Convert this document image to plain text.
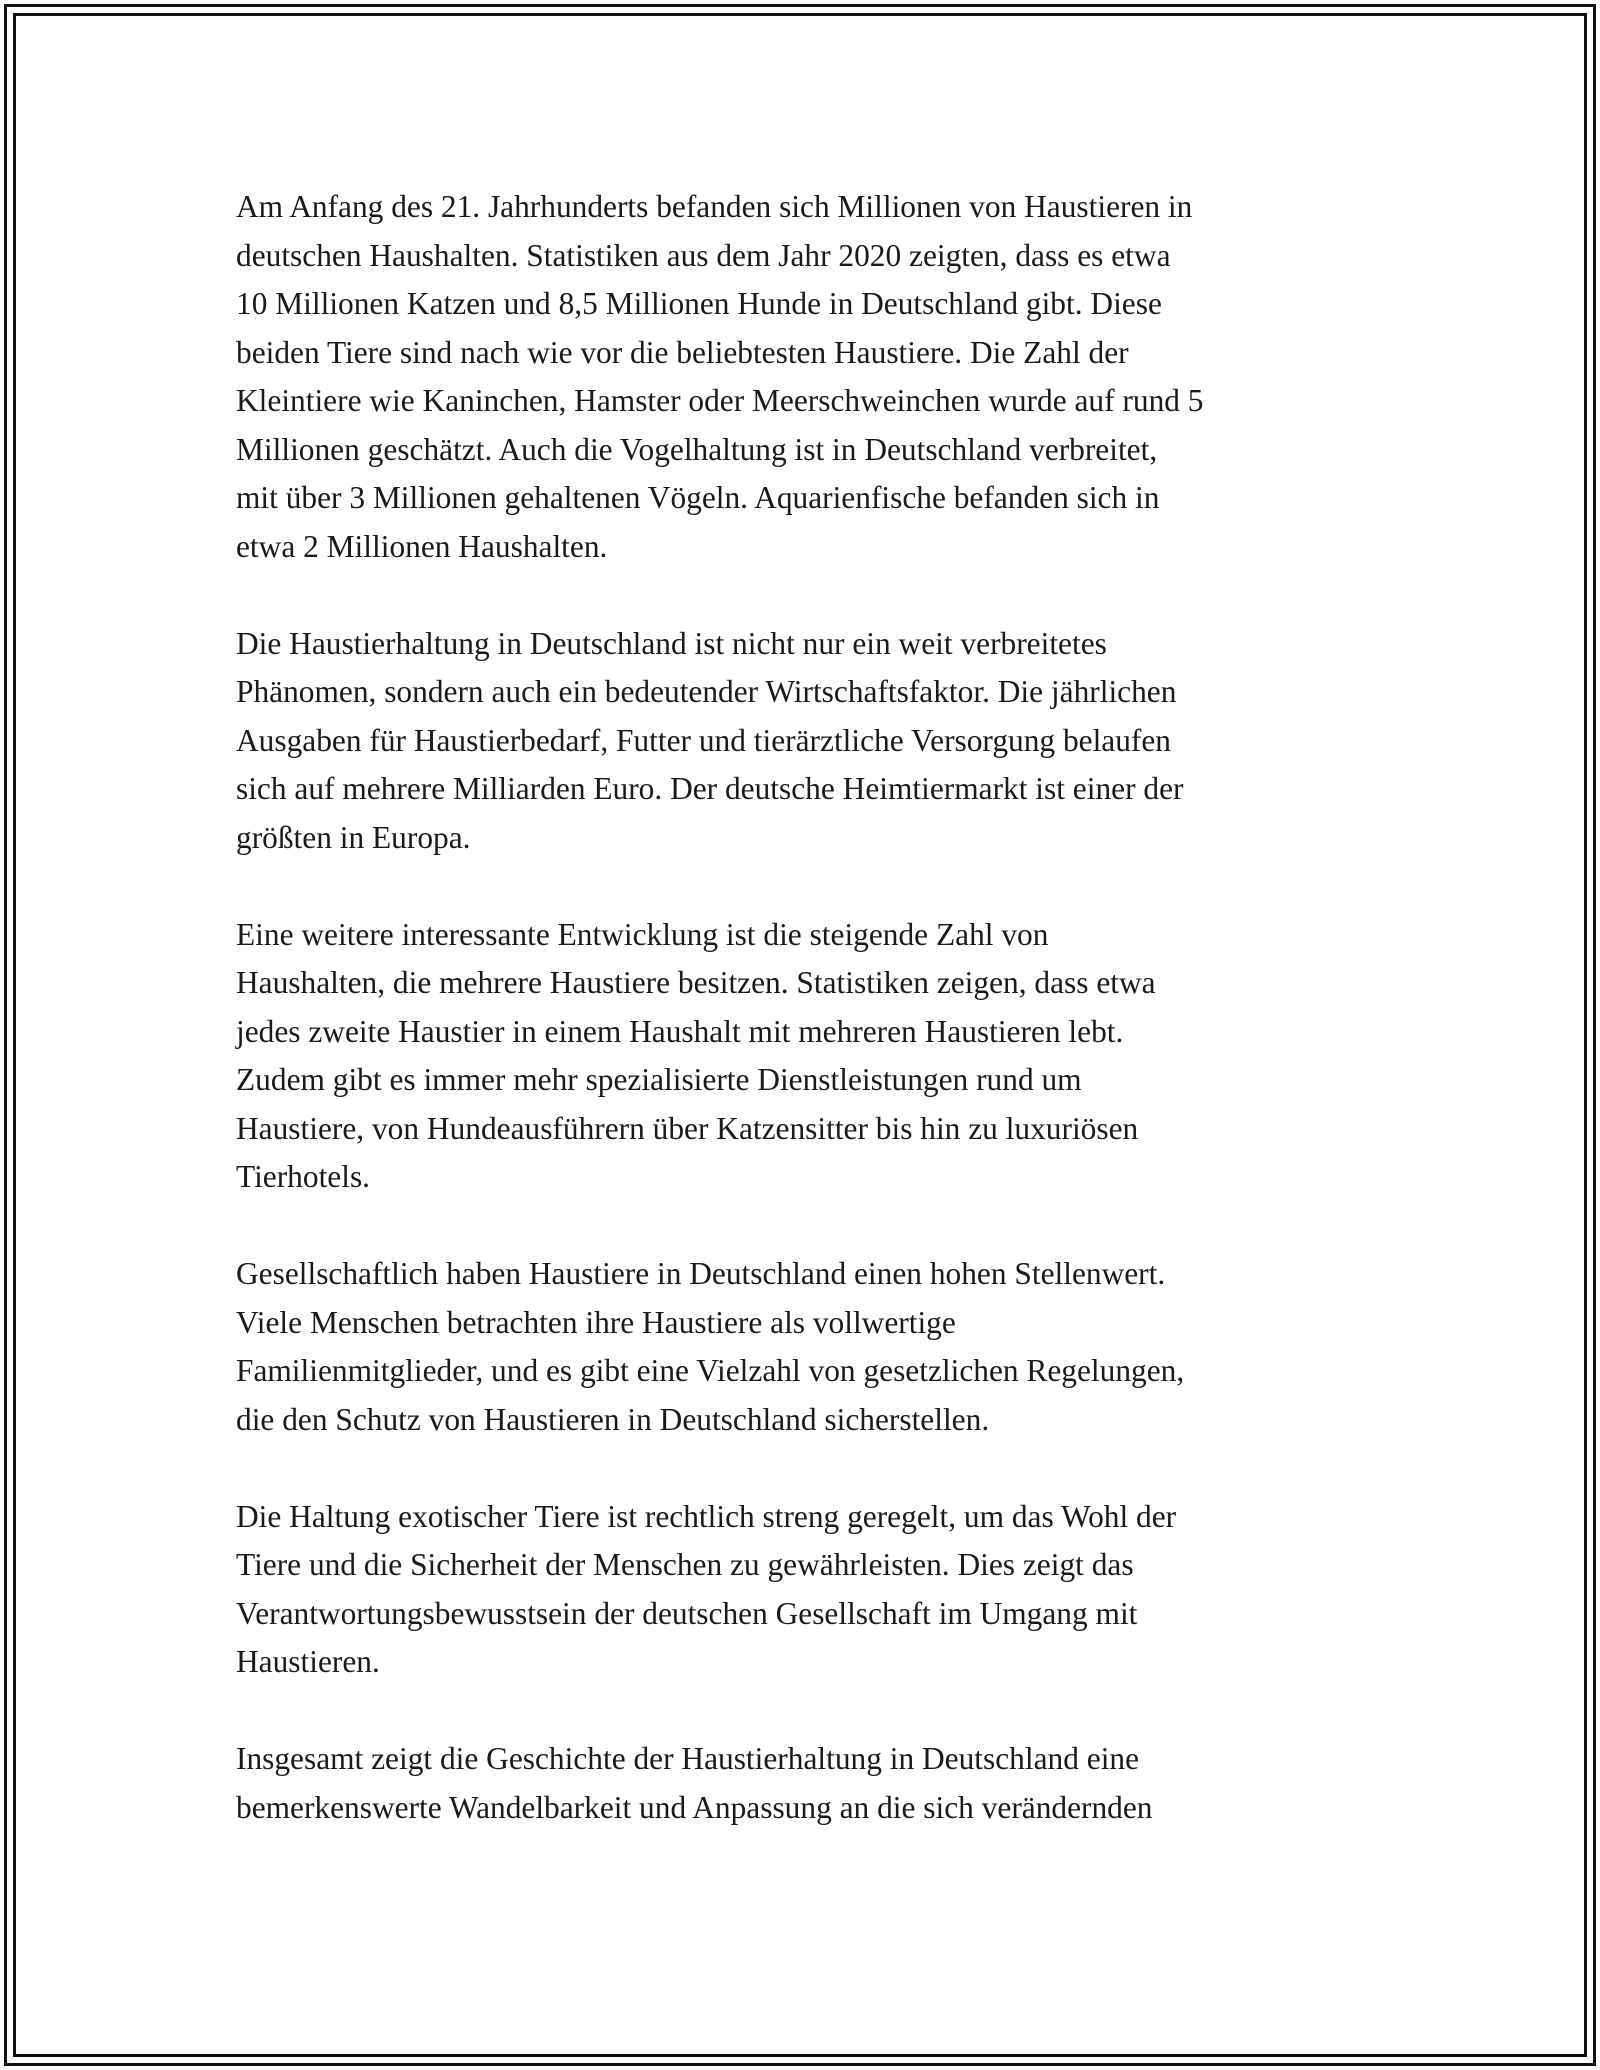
Am Anfang des 21. Jahrhunderts befanden sich Millionen von Haustieren in
deutschen Haushalten. Statistiken aus dem Jahr 2020 zeigten, dass es etwa
10 Millionen Katzen und 8,5 Millionen Hunde in Deutschland gibt. Diese
beiden Tiere sind nach wie vor die beliebtesten Haustiere. Die Zahl der
Kleintiere wie Kaninchen, Hamster oder Meerschweinchen wurde auf rund 5
Millionen geschätzt. Auch die Vogelhaltung ist in Deutschland verbreitet,
mit über 3 Millionen gehaltenen Vögeln. Aquarienfische befanden sich in
etwa 2 Millionen Haushalten.

Die Haustierhaltung in Deutschland ist nicht nur ein weit verbreitetes
Phänomen, sondern auch ein bedeutender Wirtschaftsfaktor. Die jährlichen
Ausgaben für Haustierbedarf, Futter und tierärztliche Versorgung belaufen
sich auf mehrere Milliarden Euro. Der deutsche Heimtiermarkt ist einer der
größten in Europa.

Eine weitere interessante Entwicklung ist die steigende Zahl von
Haushalten, die mehrere Haustiere besitzen. Statistiken zeigen, dass etwa
jedes zweite Haustier in einem Haushalt mit mehreren Haustieren lebt.
Zudem gibt es immer mehr spezialisierte Dienstleistungen rund um
Haustiere, von Hundeausführern über Katzensitter bis hin zu luxuriösen
Tierhotels.

Gesellschaftlich haben Haustiere in Deutschland einen hohen Stellenwert.
Viele Menschen betrachten ihre Haustiere als vollwertige
Familienmitglieder, und es gibt eine Vielzahl von gesetzlichen Regelungen,
die den Schutz von Haustieren in Deutschland sicherstellen.

Die Haltung exotischer Tiere ist rechtlich streng geregelt, um das Wohl der
Tiere und die Sicherheit der Menschen zu gewährleisten. Dies zeigt das
Verantwortungsbewusstsein der deutschen Gesellschaft im Umgang mit
Haustieren.

Insgesamt zeigt die Geschichte der Haustierhaltung in Deutschland eine
bemerkenswerte Wandelbarkeit und Anpassung an die sich verändernden
